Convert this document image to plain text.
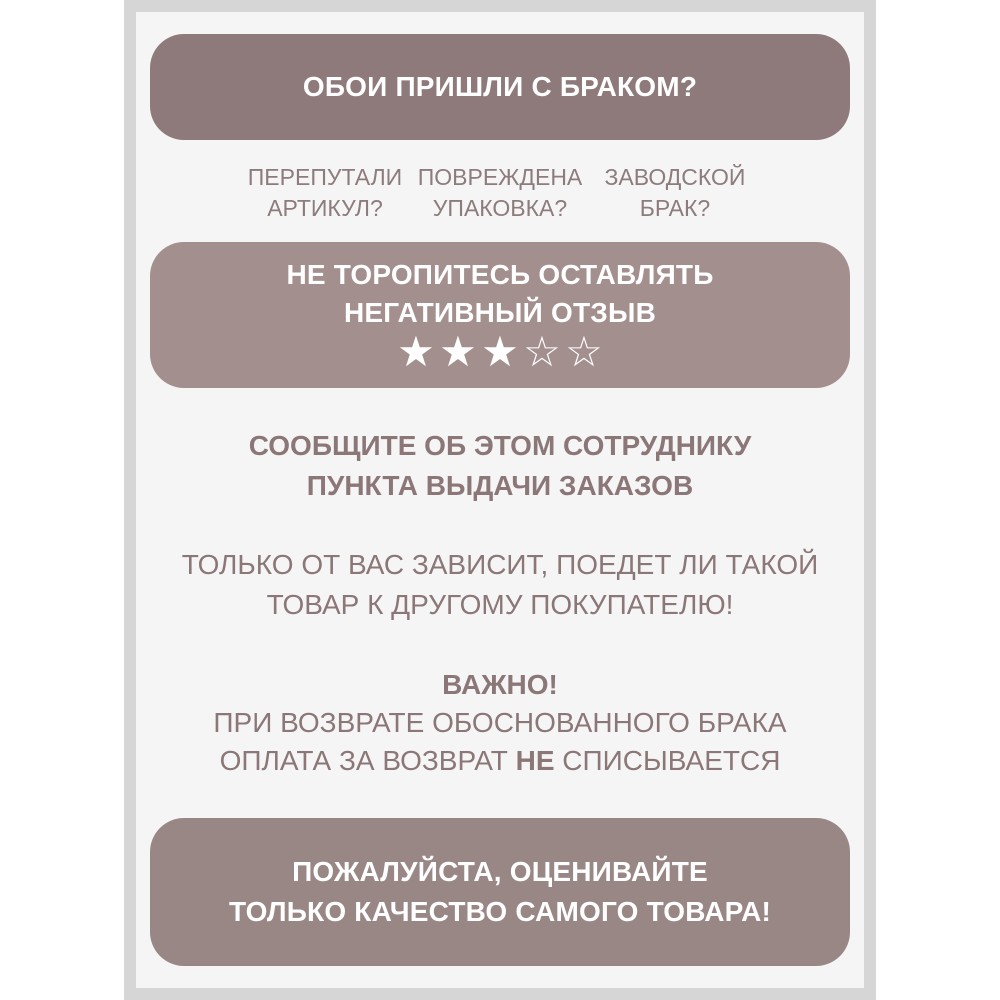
ОБОИ ПРИШЛИ С БРАКОМ?
ПЕРЕПУТАЛИ
АРТИКУЛ?
ПОВРЕЖДЕНА
УПАКОВКА?
ЗАВОДСКОЙ
БРАК?
НЕ ТОРОПИТЕСЬ ОСТАВЛЯТЬ
НЕГАТИВНЫЙ ОТЗЫВ
★ ★ ★ ☆ ☆
СООБЩИТЕ ОБ ЭТОМ СОТРУДНИКУ
ПУНКТА ВЫДАЧИ ЗАКАЗОВ
ТОЛЬКО ОТ ВАС ЗАВИСИТ, ПОЕДЕТ ЛИ ТАКОЙ
ТОВАР К ДРУГОМУ ПОКУПАТЕЛЮ!
ВАЖНО!
ПРИ ВОЗВРАТЕ ОБОСНОВАННОГО БРАКА
ОПЛАТА ЗА ВОЗВРАТ НЕ СПИСЫВАЕТСЯ
ПОЖАЛУЙСТА, ОЦЕНИВАЙТЕ
ТОЛЬКО КАЧЕСТВО САМОГО ТОВАРА!
